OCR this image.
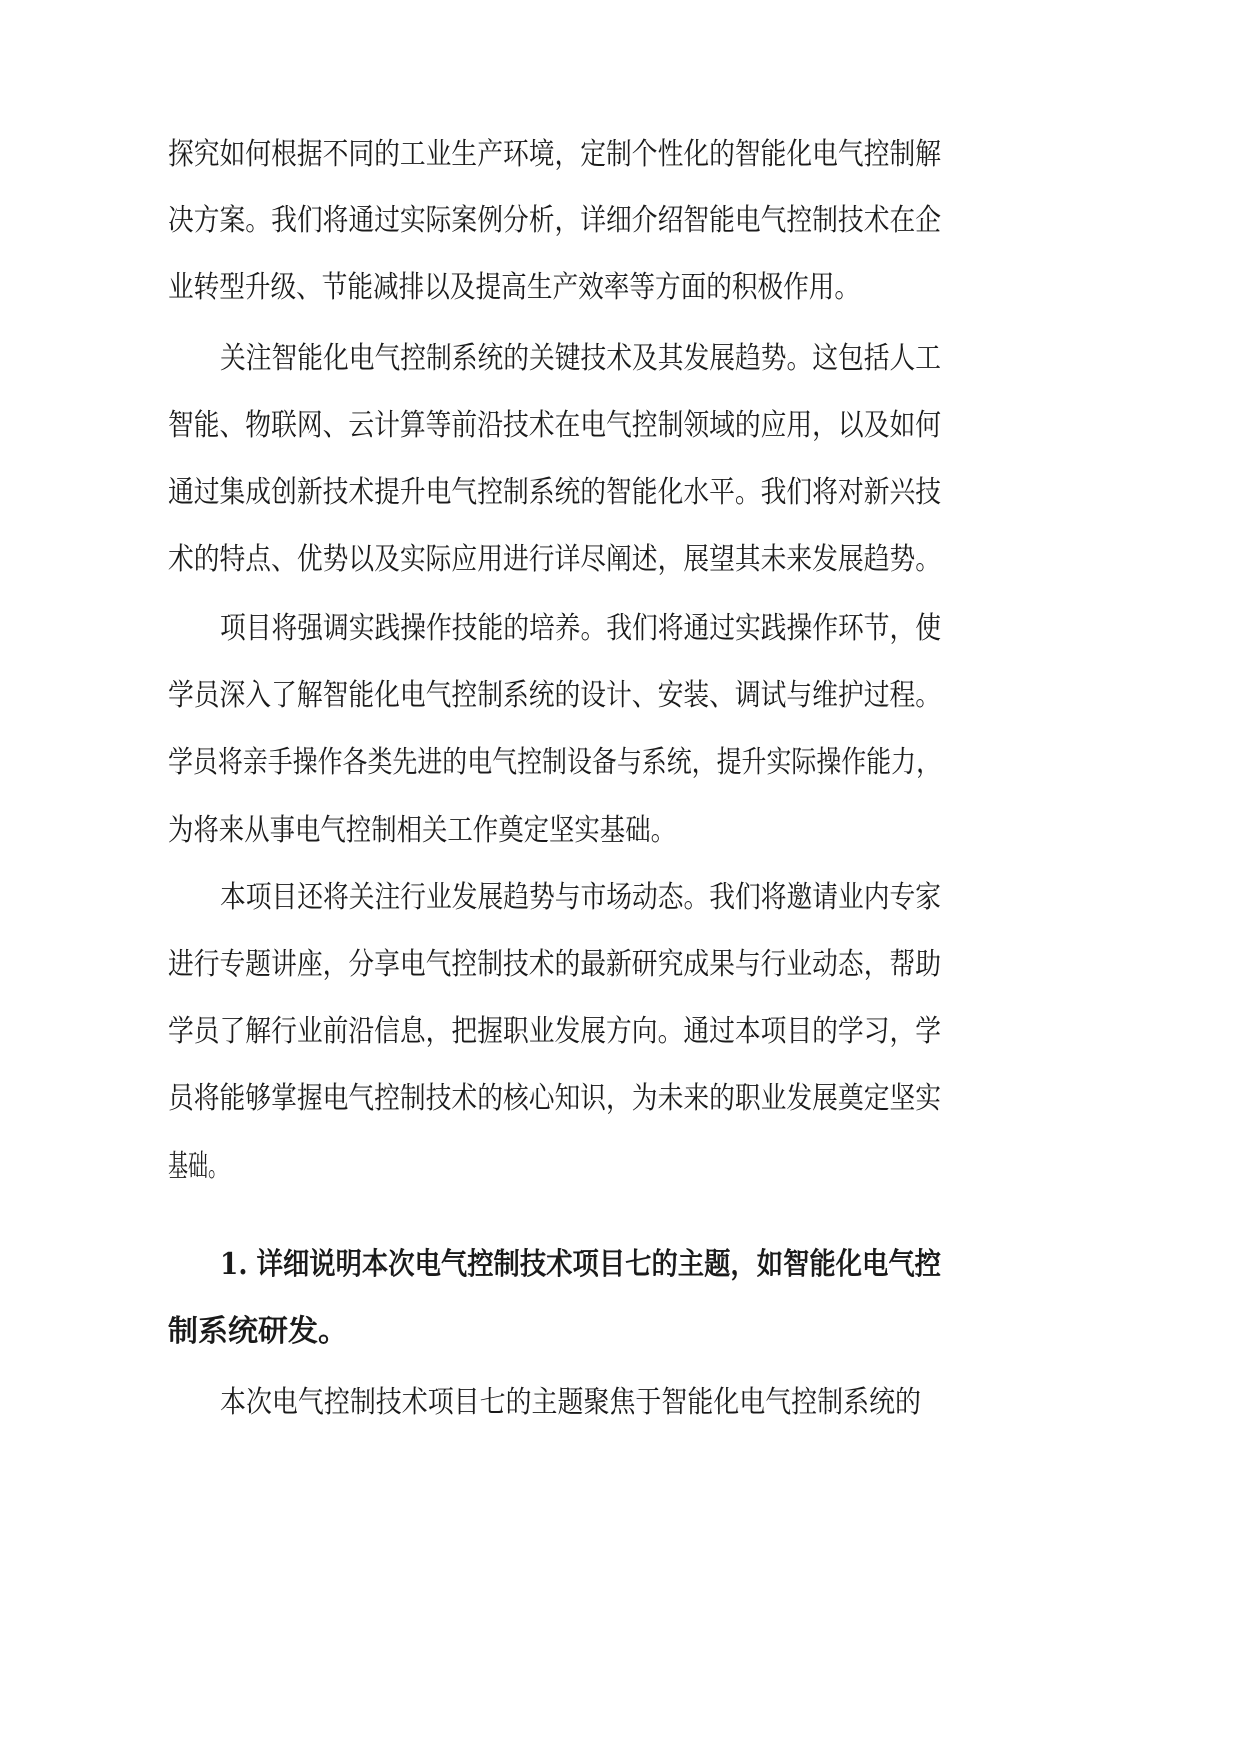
探究如何根据不同的工业生产环境，定制个性化的智能化电气控制解
决方案。我们将通过实际案例分析，详细介绍智能电气控制技术在企
业转型升级、节能减排以及提高生产效率等方面的积极作用。
关注智能化电气控制系统的关键技术及其发展趋势。这包括人工
智能、物联网、云计算等前沿技术在电气控制领域的应用，以及如何
通过集成创新技术提升电气控制系统的智能化水平。我们将对新兴技
术的特点、优势以及实际应用进行详尽阐述，展望其未来发展趋势。
项目将强调实践操作技能的培养。我们将通过实践操作环节，使
学员深入了解智能化电气控制系统的设计、安装、调试与维护过程。
学员将亲手操作各类先进的电气控制设备与系统，提升实际操作能力，
为将来从事电气控制相关工作奠定坚实基础。
本项目还将关注行业发展趋势与市场动态。我们将邀请业内专家
进行专题讲座，分享电气控制技术的最新研究成果与行业动态，帮助
学员了解行业前沿信息，把握职业发展方向。通过本项目的学习，学
员将能够掌握电气控制技术的核心知识，为未来的职业发展奠定坚实
基础。
1. 详细说明本次电气控制技术项目七的主题，如智能化电气控
制系统研发。
本次电气控制技术项目七的主题聚焦于智能化电气控制系统的
